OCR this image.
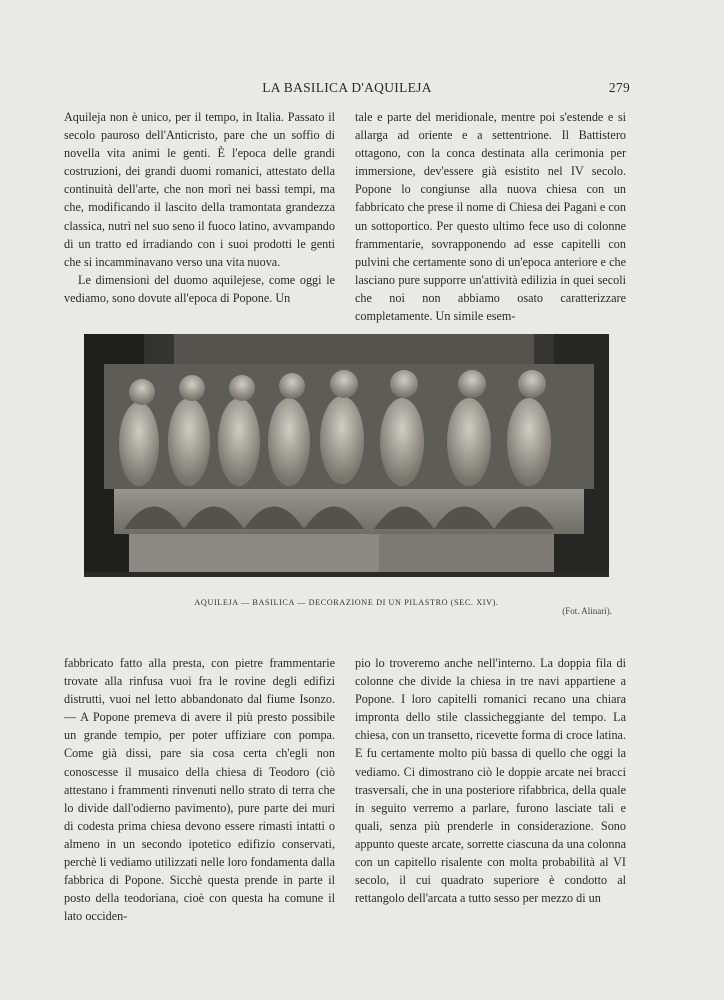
LA BASILICA D'AQUILEJA	279

Aquileja non è unico, per il tempo, in Italia. Passato il secolo pauroso dell'Anticristo, pare che un soffio di novella vita animi le genti. È l'epoca delle grandi costruzioni, dei grandi duomi romanici, attestato della continuità dell'arte, che non morì nei bassi tempi, ma che, modificando il lascito della tramontata grandezza classica, nutrì nel suo seno il fuoco latino, avvampando di un tratto ed irradiando con i suoi prodotti le genti che si incamminavano verso una vita nuova.

Le dimensioni del duomo aquilejese, come oggi le vediamo, sono dovute all'epoca di Popone. Un

tale e parte del meridionale, mentre poi s'estende e si allarga ad oriente e a settentrione. Il Battistero ottagono, con la conca destinata alla cerimonia per immersione, dev'essere già esistito nel IV secolo. Popone lo congiunse alla nuova chiesa con un fabbricato che prese il nome di Chiesa dei Pagani e con un sottoportico. Per questo ultimo fece uso di colonne frammentarie, sovrapponendo ad esse capitelli con pulvini che certamente sono di un'epoca anteriore e che lasciano pure supporre un'attività edilizia in quei secoli che noi non abbiamo osato caratterizzare completamente. Un simile esem-

AQUILEJA — BASILICA — DECORAZIONE DI UN PILASTRO (SEC. XIV).
(Fot. Alinari).

fabbricato fatto alla presta, con pietre frammentarie trovate alla rinfusa vuoi fra le rovine degli edifizi distrutti, vuoi nel letto abbandonato dal fiume Isonzo. — A Popone premeva di avere il più presto possibile un grande tempio, per poter uffiziare con pompa. Come già dissi, pare sia cosa certa ch'egli non conoscesse il musaico della chiesa di Teodoro (ciò attestano i frammenti rinvenuti nello strato di terra che lo divide dall'odierno pavimento), pure parte dei muri di codesta prima chiesa devono essere rimasti intatti o almeno in un secondo ipotetico edifizio conservati, perchè li vediamo utilizzati nelle loro fondamenta dalla fabbrica di Popone. Sicchè questa prende in parte il posto della teodoriana, cioè con questa ha comune il lato occiden-

pio lo troveremo anche nell'interno. La doppia fila di colonne che divide la chiesa in tre navi appartiene a Popone. I loro capitelli romanici recano una chiara impronta dello stile classicheggiante del tempo. La chiesa, con un transetto, ricevette forma di croce latina. E fu certamente molto più bassa di quello che oggi la vediamo. Ci dimostrano ciò le doppie arcate nei bracci trasversali, che in una posteriore rifabbrica, della quale in seguito verremo a parlare, furono lasciate tali e quali, senza più prenderle in considerazione. Sono appunto queste arcate, sorrette ciascuna da una colonna con un capitello risalente con molta probabilità al VI secolo, il cui quadrato superiore è condotto al rettangolo dell'arcata a tutto sesso per mezzo di un
